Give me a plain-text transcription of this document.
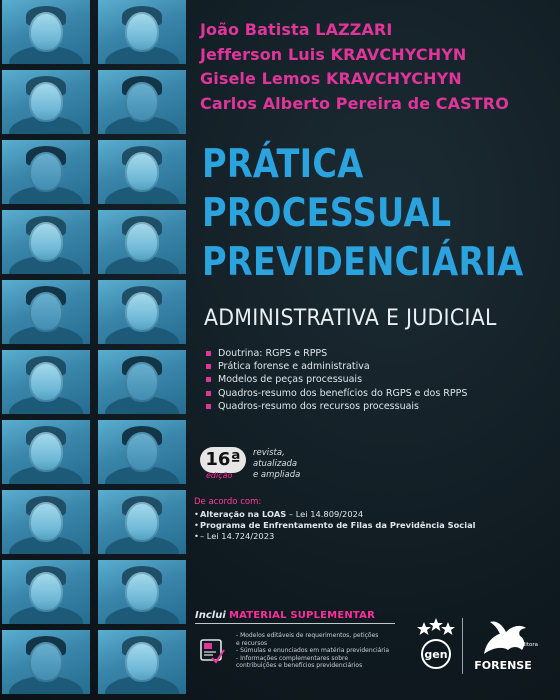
João Batista LAZZARI
Jefferson Luis KRAVCHYCHYN
Gisele Lemos KRAVCHYCHYN
Carlos Alberto Pereira de CASTRO
PRÁTICA
PROCESSUAL
PREVIDENCIÁRIA
ADMINISTRATIVA E JUDICIAL
Doutrina: RGPS e RPPS
Prática forense e administrativa
Modelos de peças processuais
Quadros-resumo dos benefícios do RGPS e dos RPPS
Quadros-resumo dos recursos processuais
16ª
edição
revista,
atualizada
e ampliada
De acordo com:
• Alteração na LOAS – Lei 14.809/2024
• Programa de Enfrentamento de Filas da Previdência Social
• – Lei 14.724/2023
Inclui MATERIAL SUPLEMENTAR
- Modelos editáveis de requerimentos, petições
e recursos
- Súmulas e enunciados em matéria previdenciária
- Informações complementares sobre
contribuições e benefícios previdenciários
gen
Editora
FORENSE
